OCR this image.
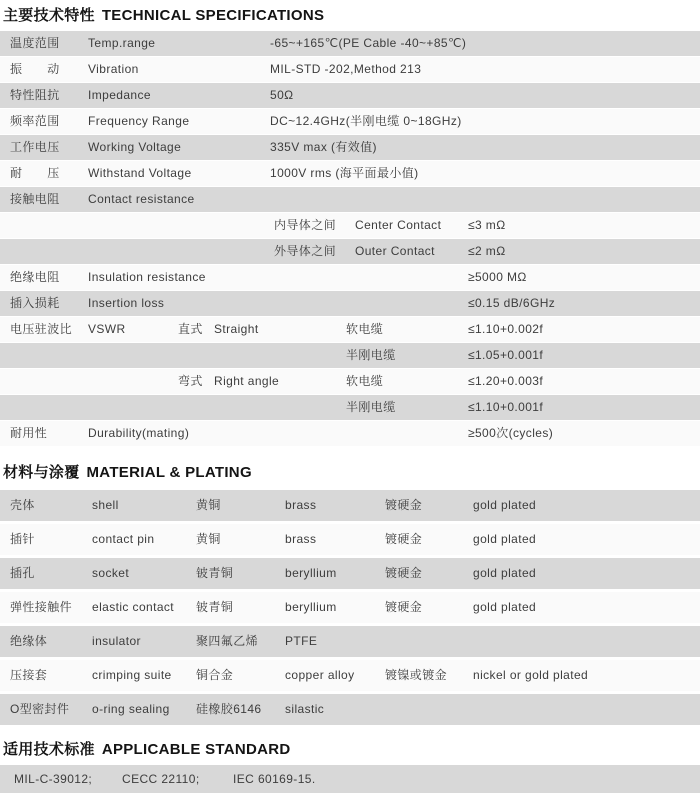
主要技术特性 TECHNICAL SPECIFICATIONS
温度范围 Temp.range	-65~+165℃(PE Cable -40~+85℃)
振　　动 Vibration	MIL-STD -202,Method 213
特性阻抗 Impedance	50Ω
频率范围 Frequency Range	DC~12.4GHz(半刚电缆 0~18GHz)
工作电压 Working Voltage	335V max (有效值)
耐　　压 Withstand Voltage	1000V rms (海平面最小值)
接触电阻 Contact resistance
内导体之间 Center Contact ≤3 mΩ
外导体之间 Outer Contact	≤2 mΩ
绝缘电阻 Insulation resistance	≥5000 MΩ
插入损耗 Insertion loss	≤0.15 dB/6GHz
电压驻波比 VSWR	直式 Straight	软电缆	≤1.10+0.002f
半刚电缆	≤1.05+0.001f
弯式 Right angle	软电缆	≤1.20+0.003f
半刚电缆	≤1.10+0.001f
耐用性	Durability(mating)	≥500次(cycles)
材料与涂覆 MATERIAL & PLATING
壳体	shell	黄铜	brass	镀硬金	gold plated
插针	contact pin	黄铜	brass	镀硬金	gold plated
插孔	socket	铍青铜	beryllium	镀硬金	gold plated
弹性接触件 elastic contact 铍青铜	beryllium	镀硬金	gold plated
绝缘体	insulator	聚四氟乙烯 PTFE
压接套	crimping suite 铜合金	copper alloy	镀镍或镀金 nickel or gold plated
O型密封件 o-ring sealing 硅橡胶6146 silastic
适用技术标准 APPLICABLE STANDARD
MIL-C-39012; CECC 22110;	IEC 60169-15.
